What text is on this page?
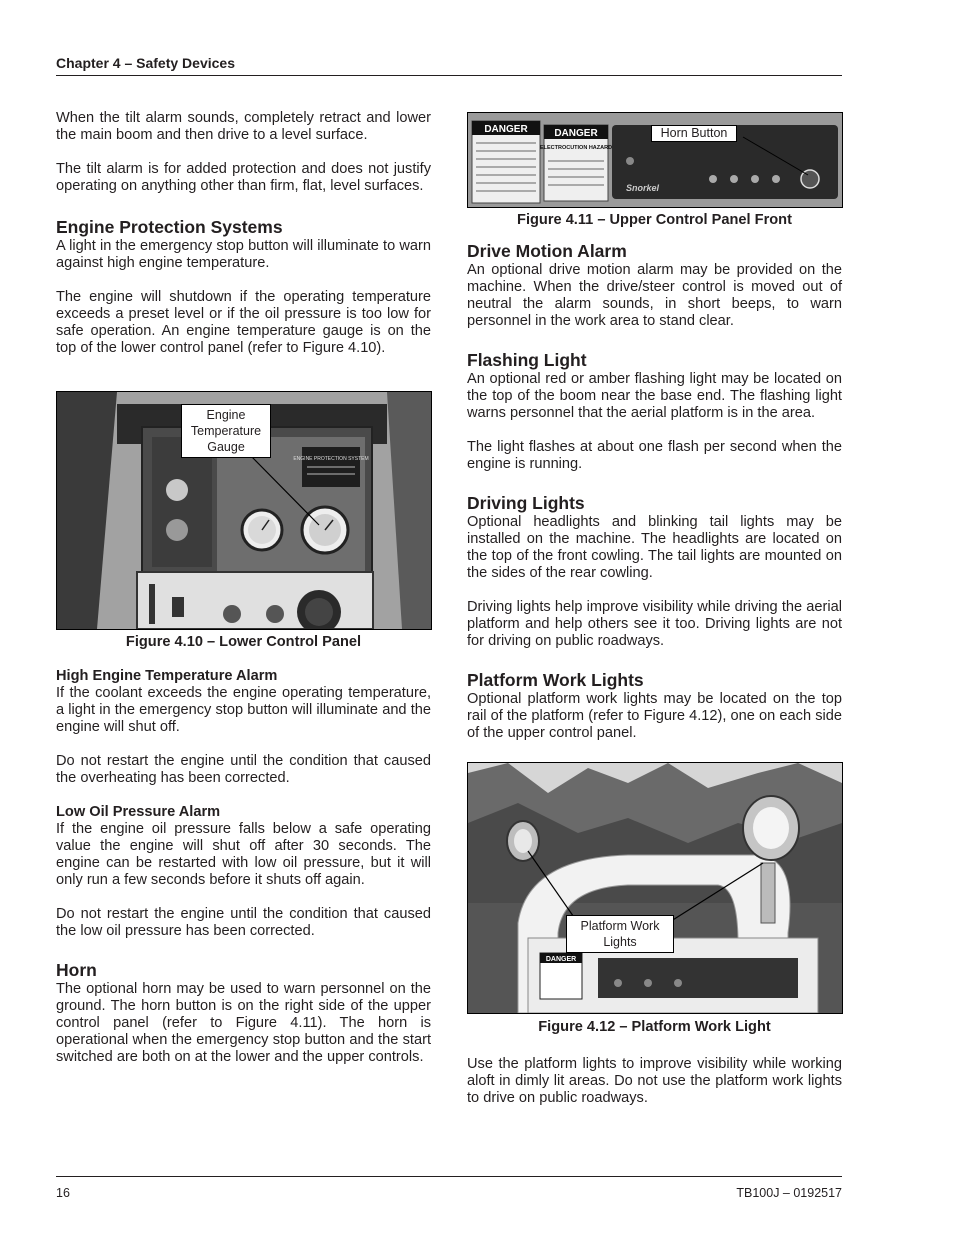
Chapter 4 – Safety Devices

When the tilt alarm sounds, completely retract and lower the main boom and then drive to a level surface.

The tilt alarm is for added protection and does not justify operating on anything other than firm, flat, level surfaces.

Engine Protection Systems

A light in the emergency stop button will illuminate to warn against high engine temperature.

The engine will shutdown if the operating temperature exceeds a preset level or if the oil pressure is too low for safe operation. An engine temperature gauge is on the top of the lower control panel (refer to Figure 4.10).

ENGINE PROTECTION SYSTEM
Engine Temperature Gauge
Figure 4.10 – Lower Control Panel
High Engine Temperature Alarm

If the coolant exceeds the engine operating temperature, a light in the emergency stop button will illuminate and the engine will shut off.

Do not restart the engine until the condition that caused the overheating has been corrected.

Low Oil Pressure Alarm

If the engine oil pressure falls below a safe operating value the engine will shut off after 30 seconds. The engine can be restarted with low oil pressure, but it will only run a few seconds before it shuts off again.

Do not restart the engine until the condition that caused the low oil pressure has been corrected.

Horn

The optional horn may be used to warn personnel on the ground. The horn button is on the right side of the upper control panel (refer to Figure 4.11). The horn is operational when the emergency stop button and the start switched are both on at the lower and the upper controls.

DANGER	DANGER
ELECTROCUTION HAZARD
Snorkel
Horn Button
Figure 4.11 – Upper Control Panel Front
Drive Motion Alarm

An optional drive motion alarm may be provided on the machine. When the drive/steer control is moved out of neutral the alarm sounds, in short beeps, to warn personnel in the work area to stand clear.

Flashing Light

An optional red or amber flashing light may be located on the top of the boom near the base end. The flashing light warns personnel that the aerial platform is in the area.

The light flashes at about one flash per second when the engine is running.

Driving Lights

Optional headlights and blinking tail lights may be installed on the machine. The headlights are located on the top of the front cowling. The tail lights are mounted on the sides of the rear cowling.

Driving lights help improve visibility while driving the aerial platform and help others see it too. Driving lights are not for driving on public roadways.

Platform Work Lights

Optional platform work lights may be located on the top rail of the platform (refer to Figure 4.12), one on each side of the upper control panel.

DANGER
Platform Work Lights
Figure 4.12 – Platform Work Light

Use the platform lights to improve visibility while working aloft in dimly lit areas. Do not use the platform work lights to drive on public roadways.

16	TB100J – 0192517
